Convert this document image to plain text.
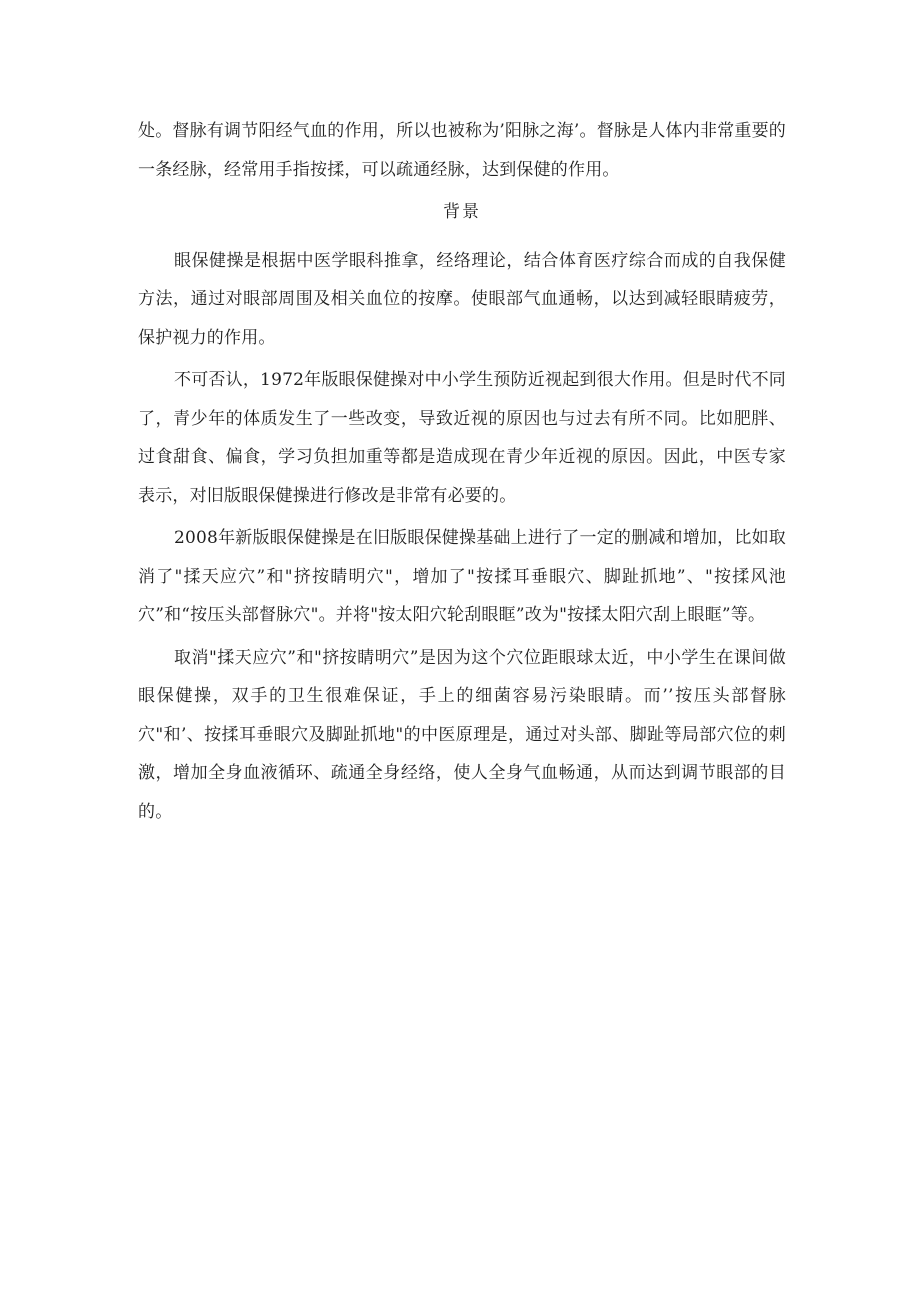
处。督脉有调节阳经气血的作用，所以也被称为’阳脉之海’。督脉是人体内非常重要的一条经脉，经常用手指按揉，可以疏通经脉，达到保健的作用。

背景

眼保健操是根据中医学眼科推拿，经络理论，结合体育医疗综合而成的自我保健方法，通过对眼部周围及相关血位的按摩。使眼部气血通畅，以达到减轻眼睛疲劳，保护视力的作用。

不可否认，1972年版眼保健操对中小学生预防近视起到很大作用。但是时代不同了，青少年的体质发生了一些改变，导致近视的原因也与过去有所不同。比如肥胖、过食甜食、偏食，学习负担加重等都是造成现在青少年近视的原因。因此，中医专家表示，对旧版眼保健操进行修改是非常有必要的。

2008年新版眼保健操是在旧版眼保健操基础上进行了一定的删减和增加，比如取消了"揉天应穴”和"挤按睛明穴"，增加了"按揉耳垂眼穴、脚趾抓地”、"按揉风池穴”和“按压头部督脉穴"。并将"按太阳穴轮刮眼眶”改为"按揉太阳穴刮上眼眶”等。

取消"揉天应穴”和"挤按睛明穴”是因为这个穴位距眼球太近，中小学生在课间做眼保健操，双手的卫生很难保证，手上的细菌容易污染眼睛。而’’按压头部督脉穴"和’、按揉耳垂眼穴及脚趾抓地"的中医原理是，通过对头部、脚趾等局部穴位的刺激，增加全身血液循环、疏通全身经络，使人全身气血畅通，从而达到调节眼部的目的。
